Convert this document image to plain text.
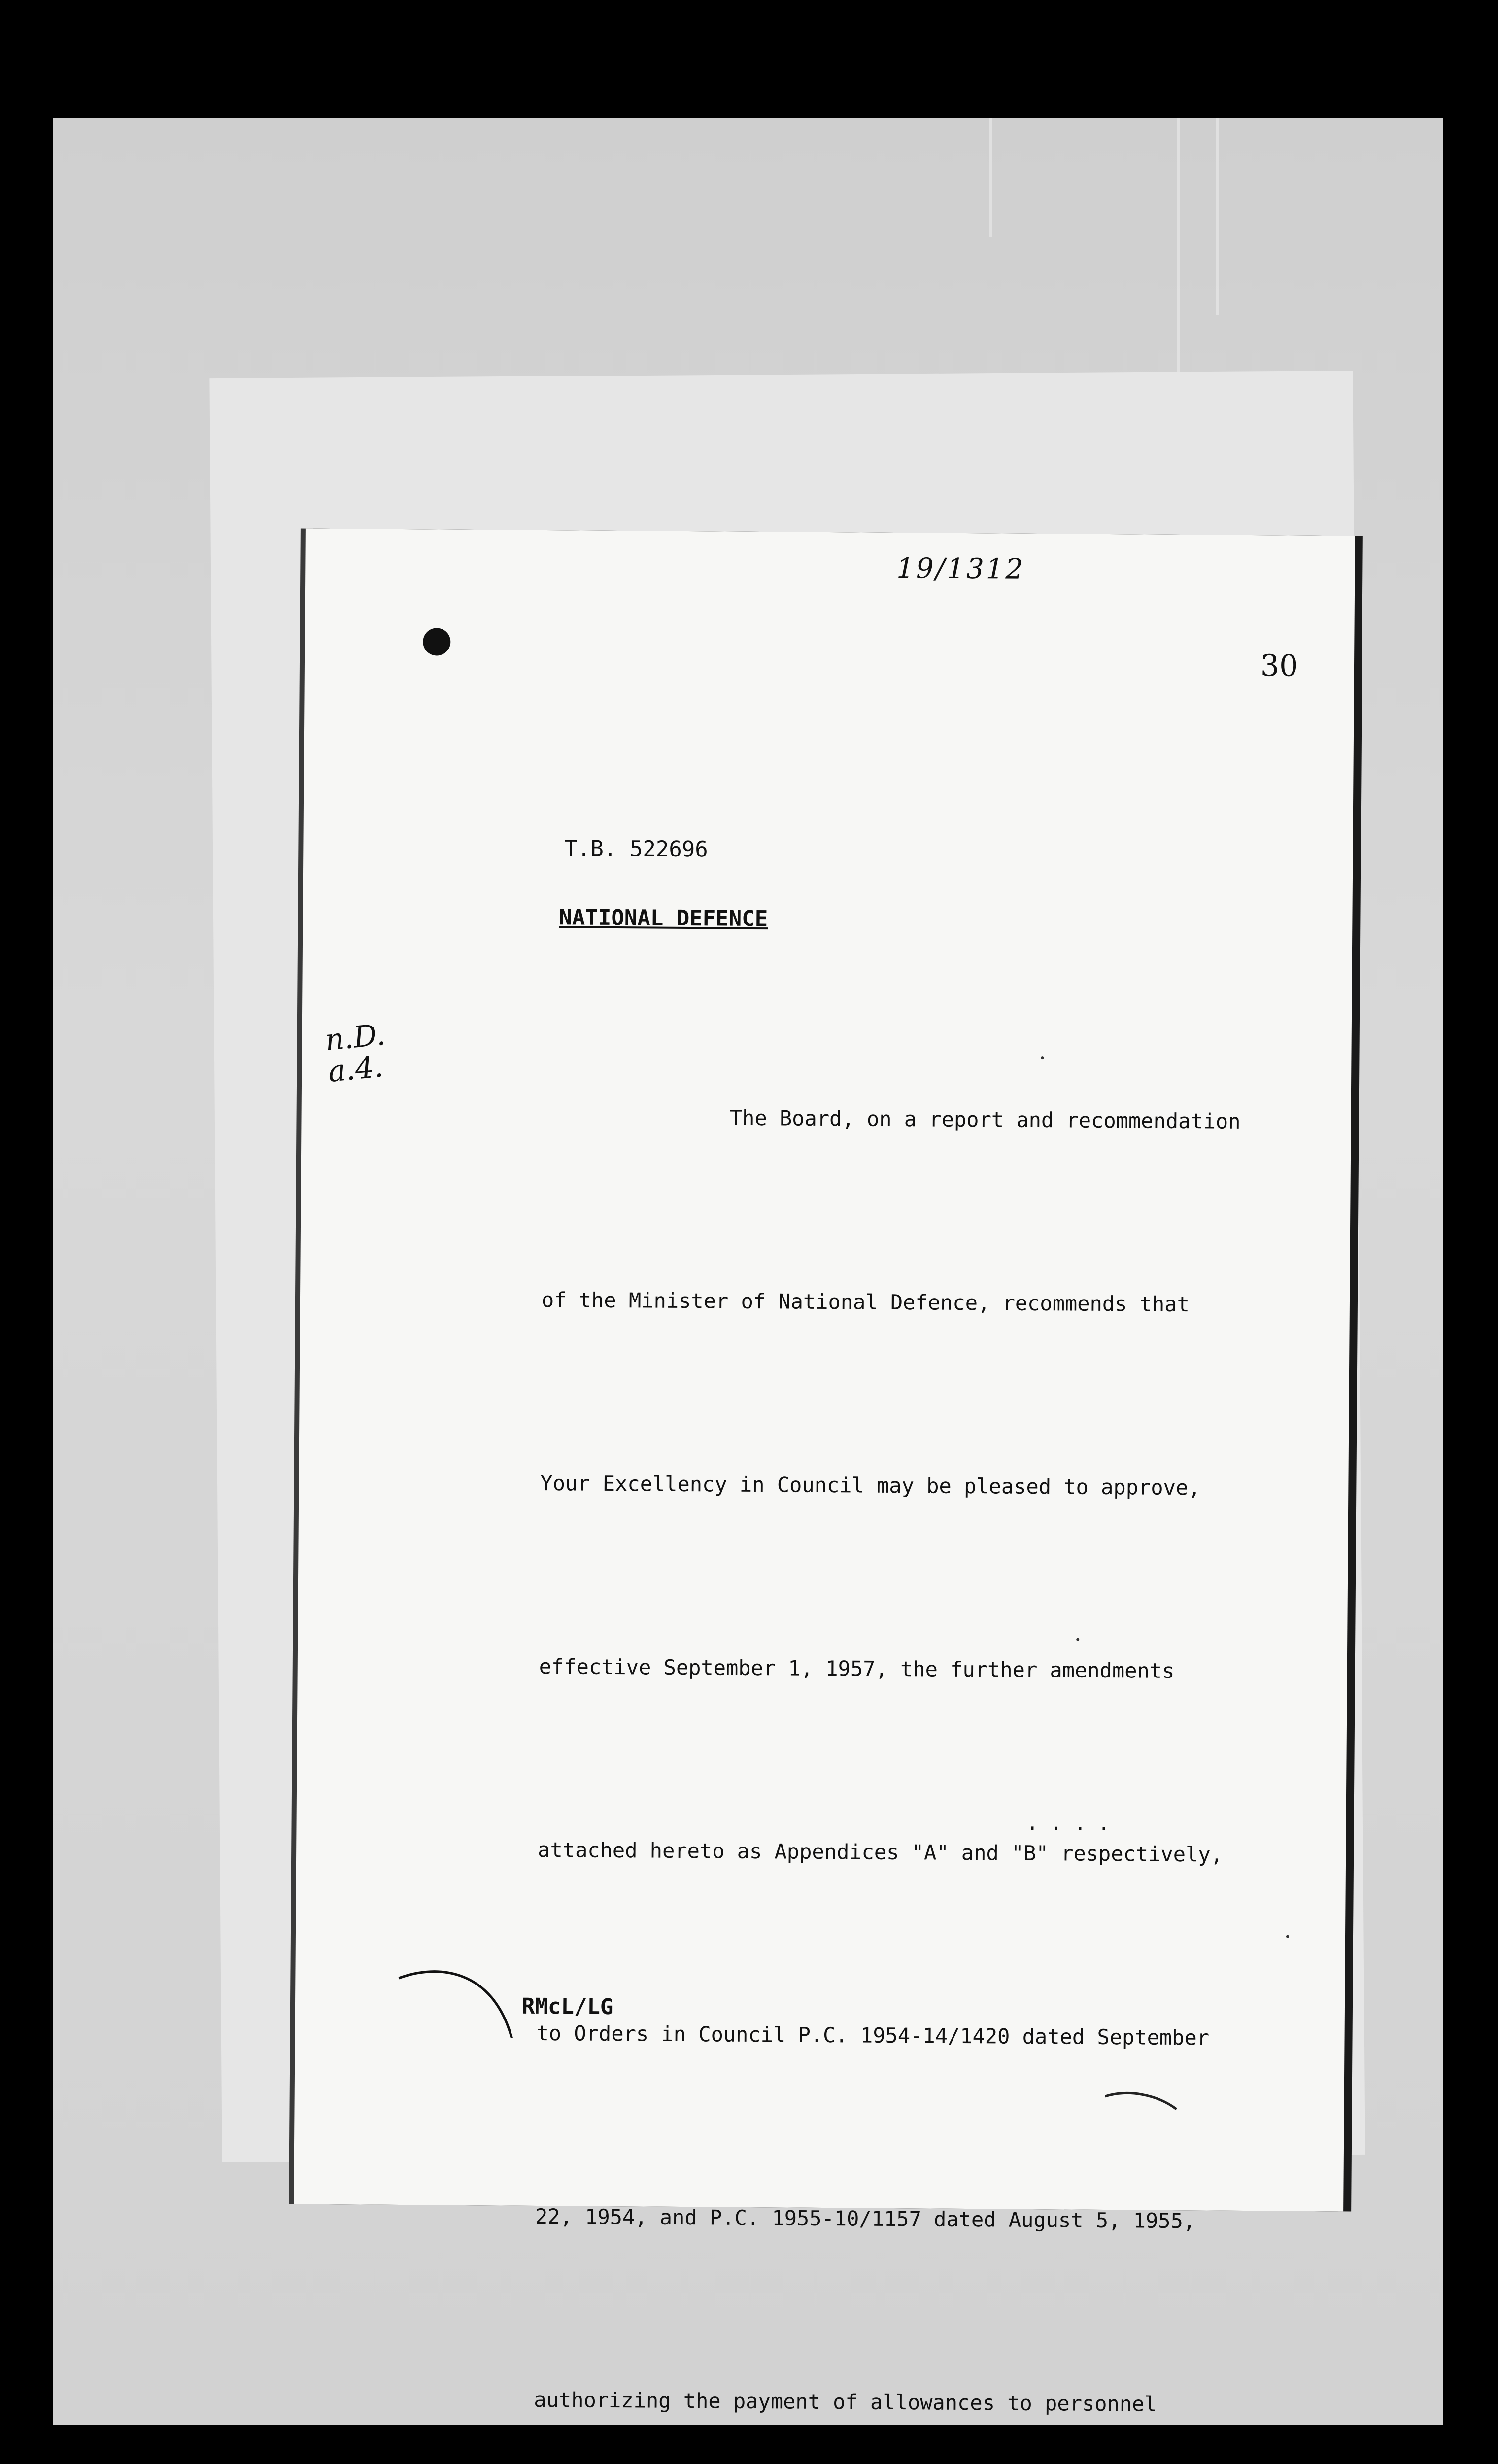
19/1312
30
T.B. 522696
NATIONAL DEFENCE
n.D.
a.4.

The Board, on a report and recommendation

of the Minister of National Defence, recommends that

Your Excellency in Council may be pleased to approve,

effective September 1, 1957, the further amendments

attached hereto as Appendices "A" and "B" respectively,

to Orders in Council P.C. 1954-14/1420 dated September

22, 1954, and P.C. 1955-10/1157 dated August 5, 1955,

authorizing the payment of allowances to personnel

....
RMcL/LG
